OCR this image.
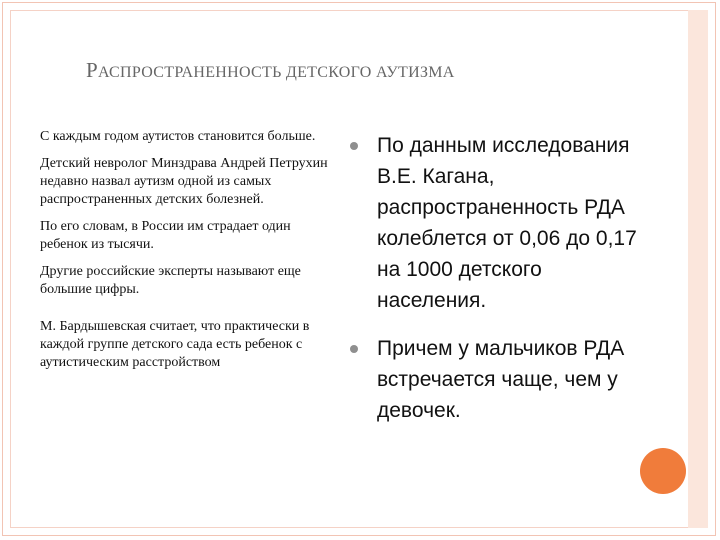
РАСПРОСТРАНЕННОСТЬ ДЕТСКОГО АУТИЗМА

С каждым годом аутистов становится больше.

Детский невролог Минздрава Андрей Петрухин недавно назвал аутизм одной из самых распространенных детских болезней.

По его словам, в России им страдает один ребенок из тысячи.

Другие российские эксперты называют еще большие цифры.

М. Бардышевская считает, что практически в каждой группе детского сада есть ребенок с аутистическим расстройством

По данным исследования В.Е. Кагана, распространенность РДА колеблется от 0,06 до 0,17 на 1000 детского населения.
Причем у мальчиков РДА встречается чаще, чем у девочек.
